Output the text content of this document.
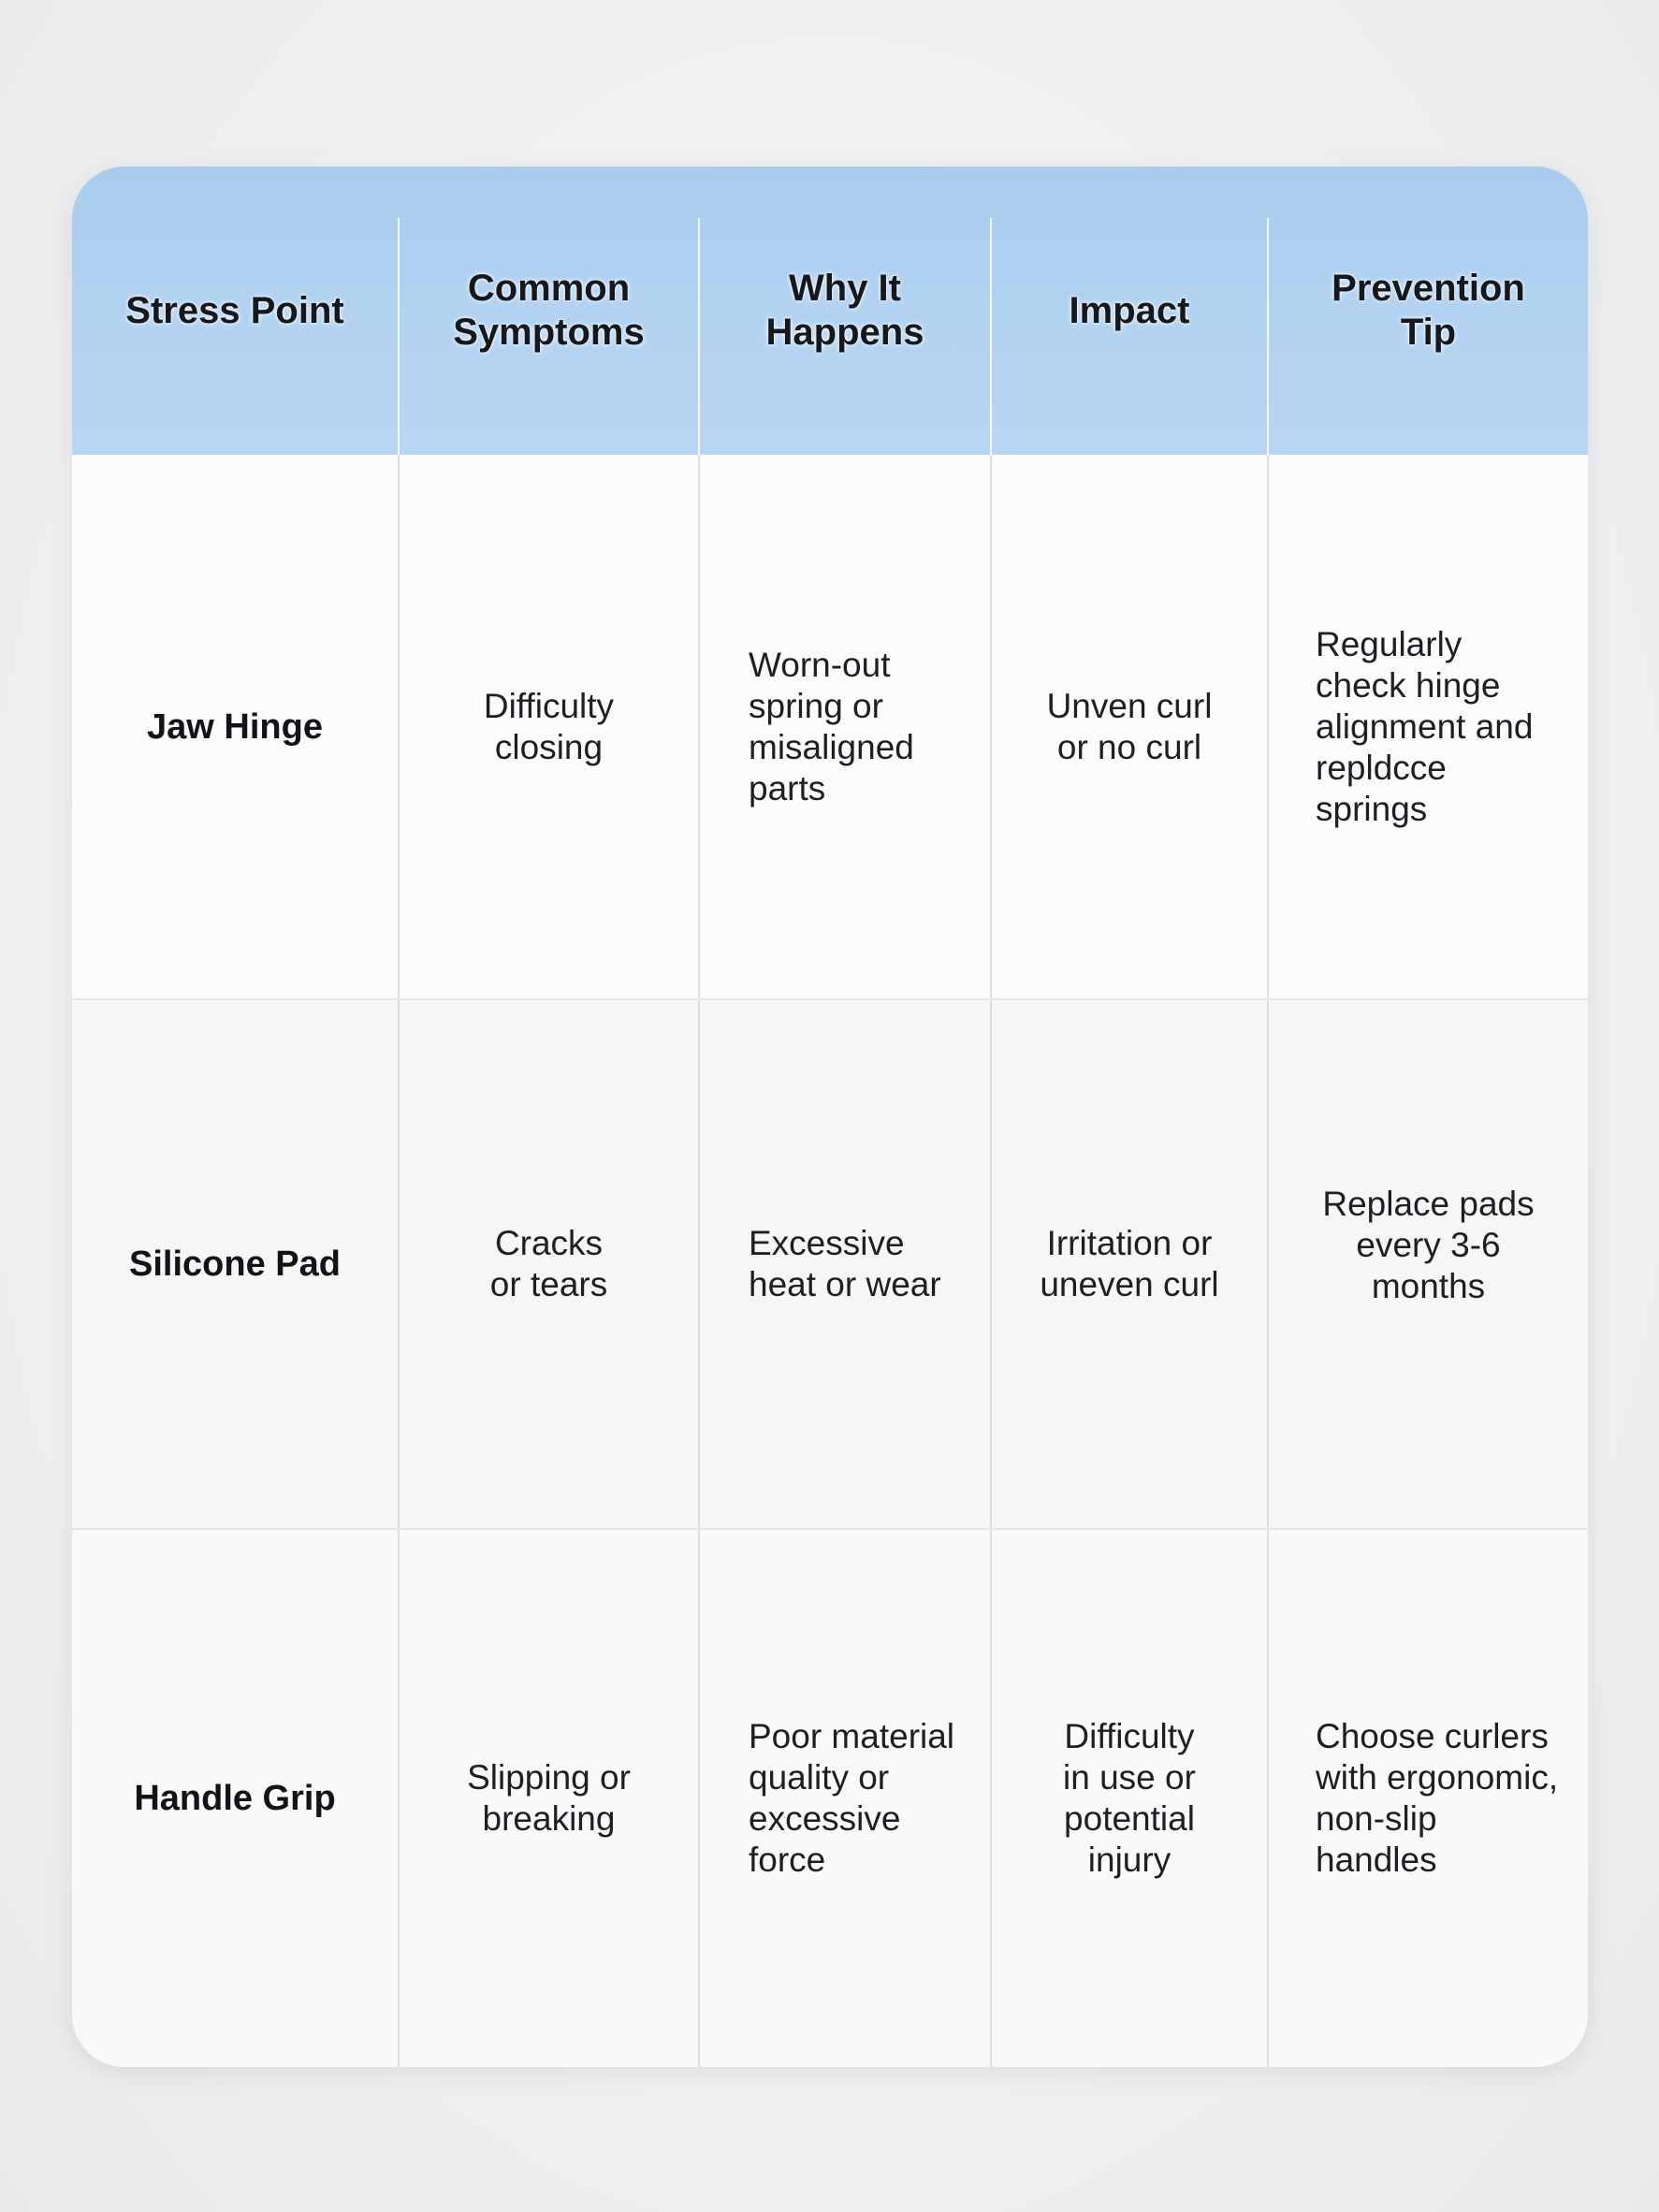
Stress Point
Common Symptoms
Why It Happens
Impact
Prevention Tip
Jaw Hinge
Difficulty closing
Worn-out spring or misaligned parts
Unven curl or no curl
Regularly check hinge alignment and repldcce springs
Silicone Pad
Cracks or tears
Excessive heat or wear
Irritation or uneven curl
Replace pads every 3-6 months
Handle Grip
Slipping or breaking
Poor material quality or excessive force
Difficulty in use or potential injury
Choose curlers with ergonomic, non-slip handles
